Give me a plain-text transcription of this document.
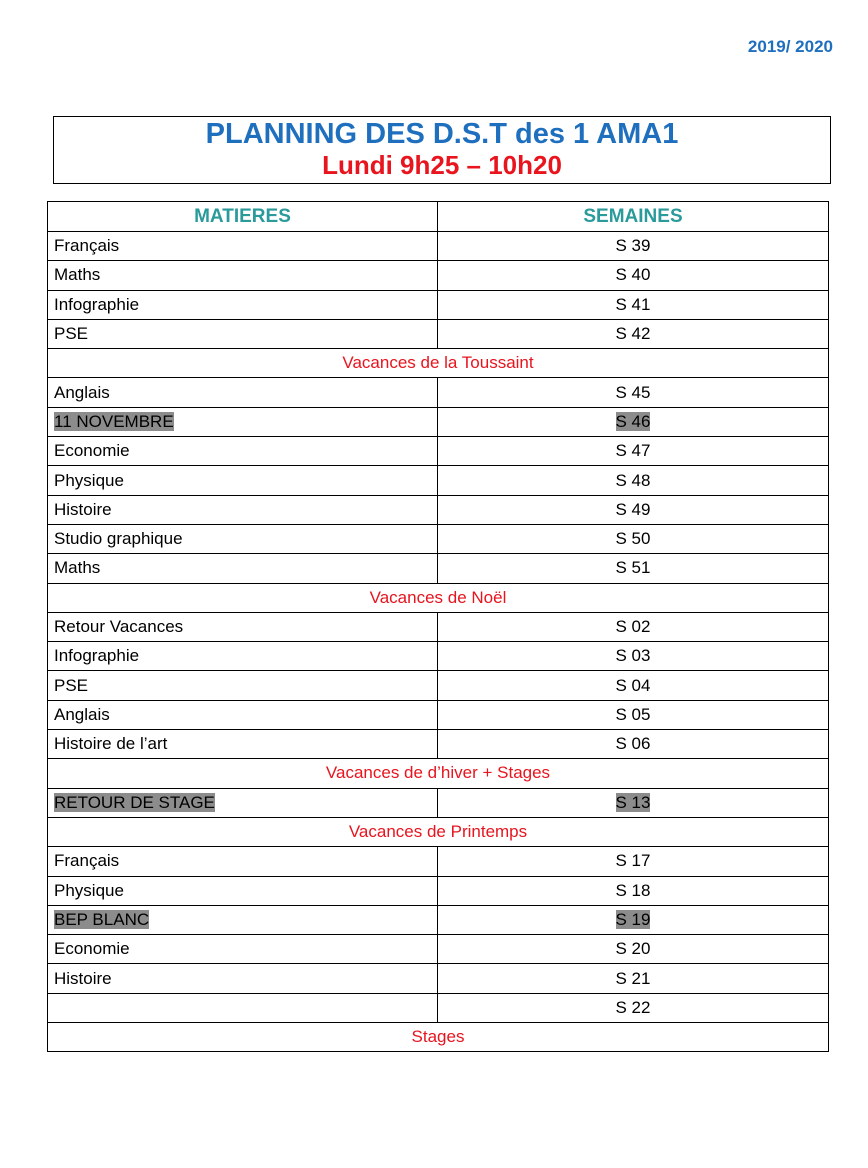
2019/ 2020
PLANNING DES D.S.T des 1 AMA1
Lundi 9h25 – 10h20
MATIERES	SEMAINES
Français	S 39
Maths	S 40
Infographie	S 41
PSE	S 42
Vacances de la Toussaint	
Anglais	S 45
11 NOVEMBRE	S 46
Economie	S 47
Physique	S 48
Histoire	S 49
Studio graphique	S 50
Maths	S 51
Vacances de Noël	
Retour Vacances	S 02
Infographie	S 03
PSE	S 04
Anglais	S 05
Histoire de l’art	S 06
Vacances de d’hiver + Stages	
RETOUR DE STAGE	S 13
Vacances de Printemps	
Français	S 17
Physique	S 18
BEP BLANC	S 19
Economie	S 20
Histoire	S 21
	S 22
Stages	
